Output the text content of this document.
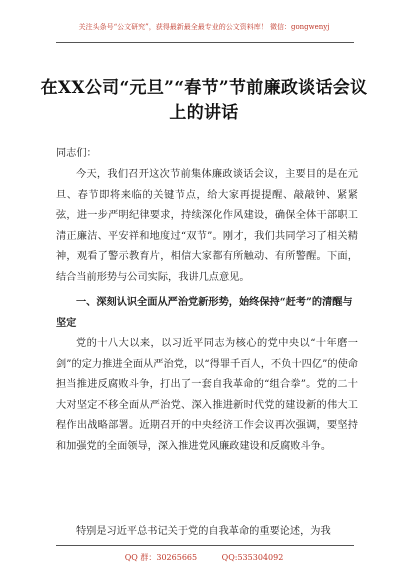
关注头条号“公文研究”，获得最新最全最专业的公文资料库！ 微信：gongwenyj
在XX公司“元旦”“春节”节前廉政谈话会议上的讲话
同志们：
今天，我们召开这次节前集体廉政谈话会议，主要目的是在元旦、春节即将来临的关键节点，给大家再提提醒、敲敲钟、紧紧弦，进一步严明纪律要求，持续深化作风建设，确保全体干部职工清正廉洁、平安祥和地度过“双节”。刚才，我们共同学习了相关精神，观看了警示教育片，相信大家都有所触动、有所警醒。下面，结合当前形势与公司实际，我讲几点意见。
一、深刻认识全面从严治党新形势，始终保持“赶考”的清醒与坚定
党的十八大以来，以习近平同志为核心的党中央以“十年磨一剑”的定力推进全面从严治党，以“得罪千百人，不负十四亿”的使命担当推进反腐败斗争，打出了一套自我革命的“组合拳”。党的二十大对坚定不移全面从严治党、深入推进新时代党的建设新的伟大工程作出战略部署。近期召开的中央经济工作会议再次强调，要坚持和加强党的全面领导，深入推进党风廉政建设和反腐败斗争。
特别是习近平总书记关于党的自我革命的重要论述，为我
QQ 群：30265665	QQ:535304092
